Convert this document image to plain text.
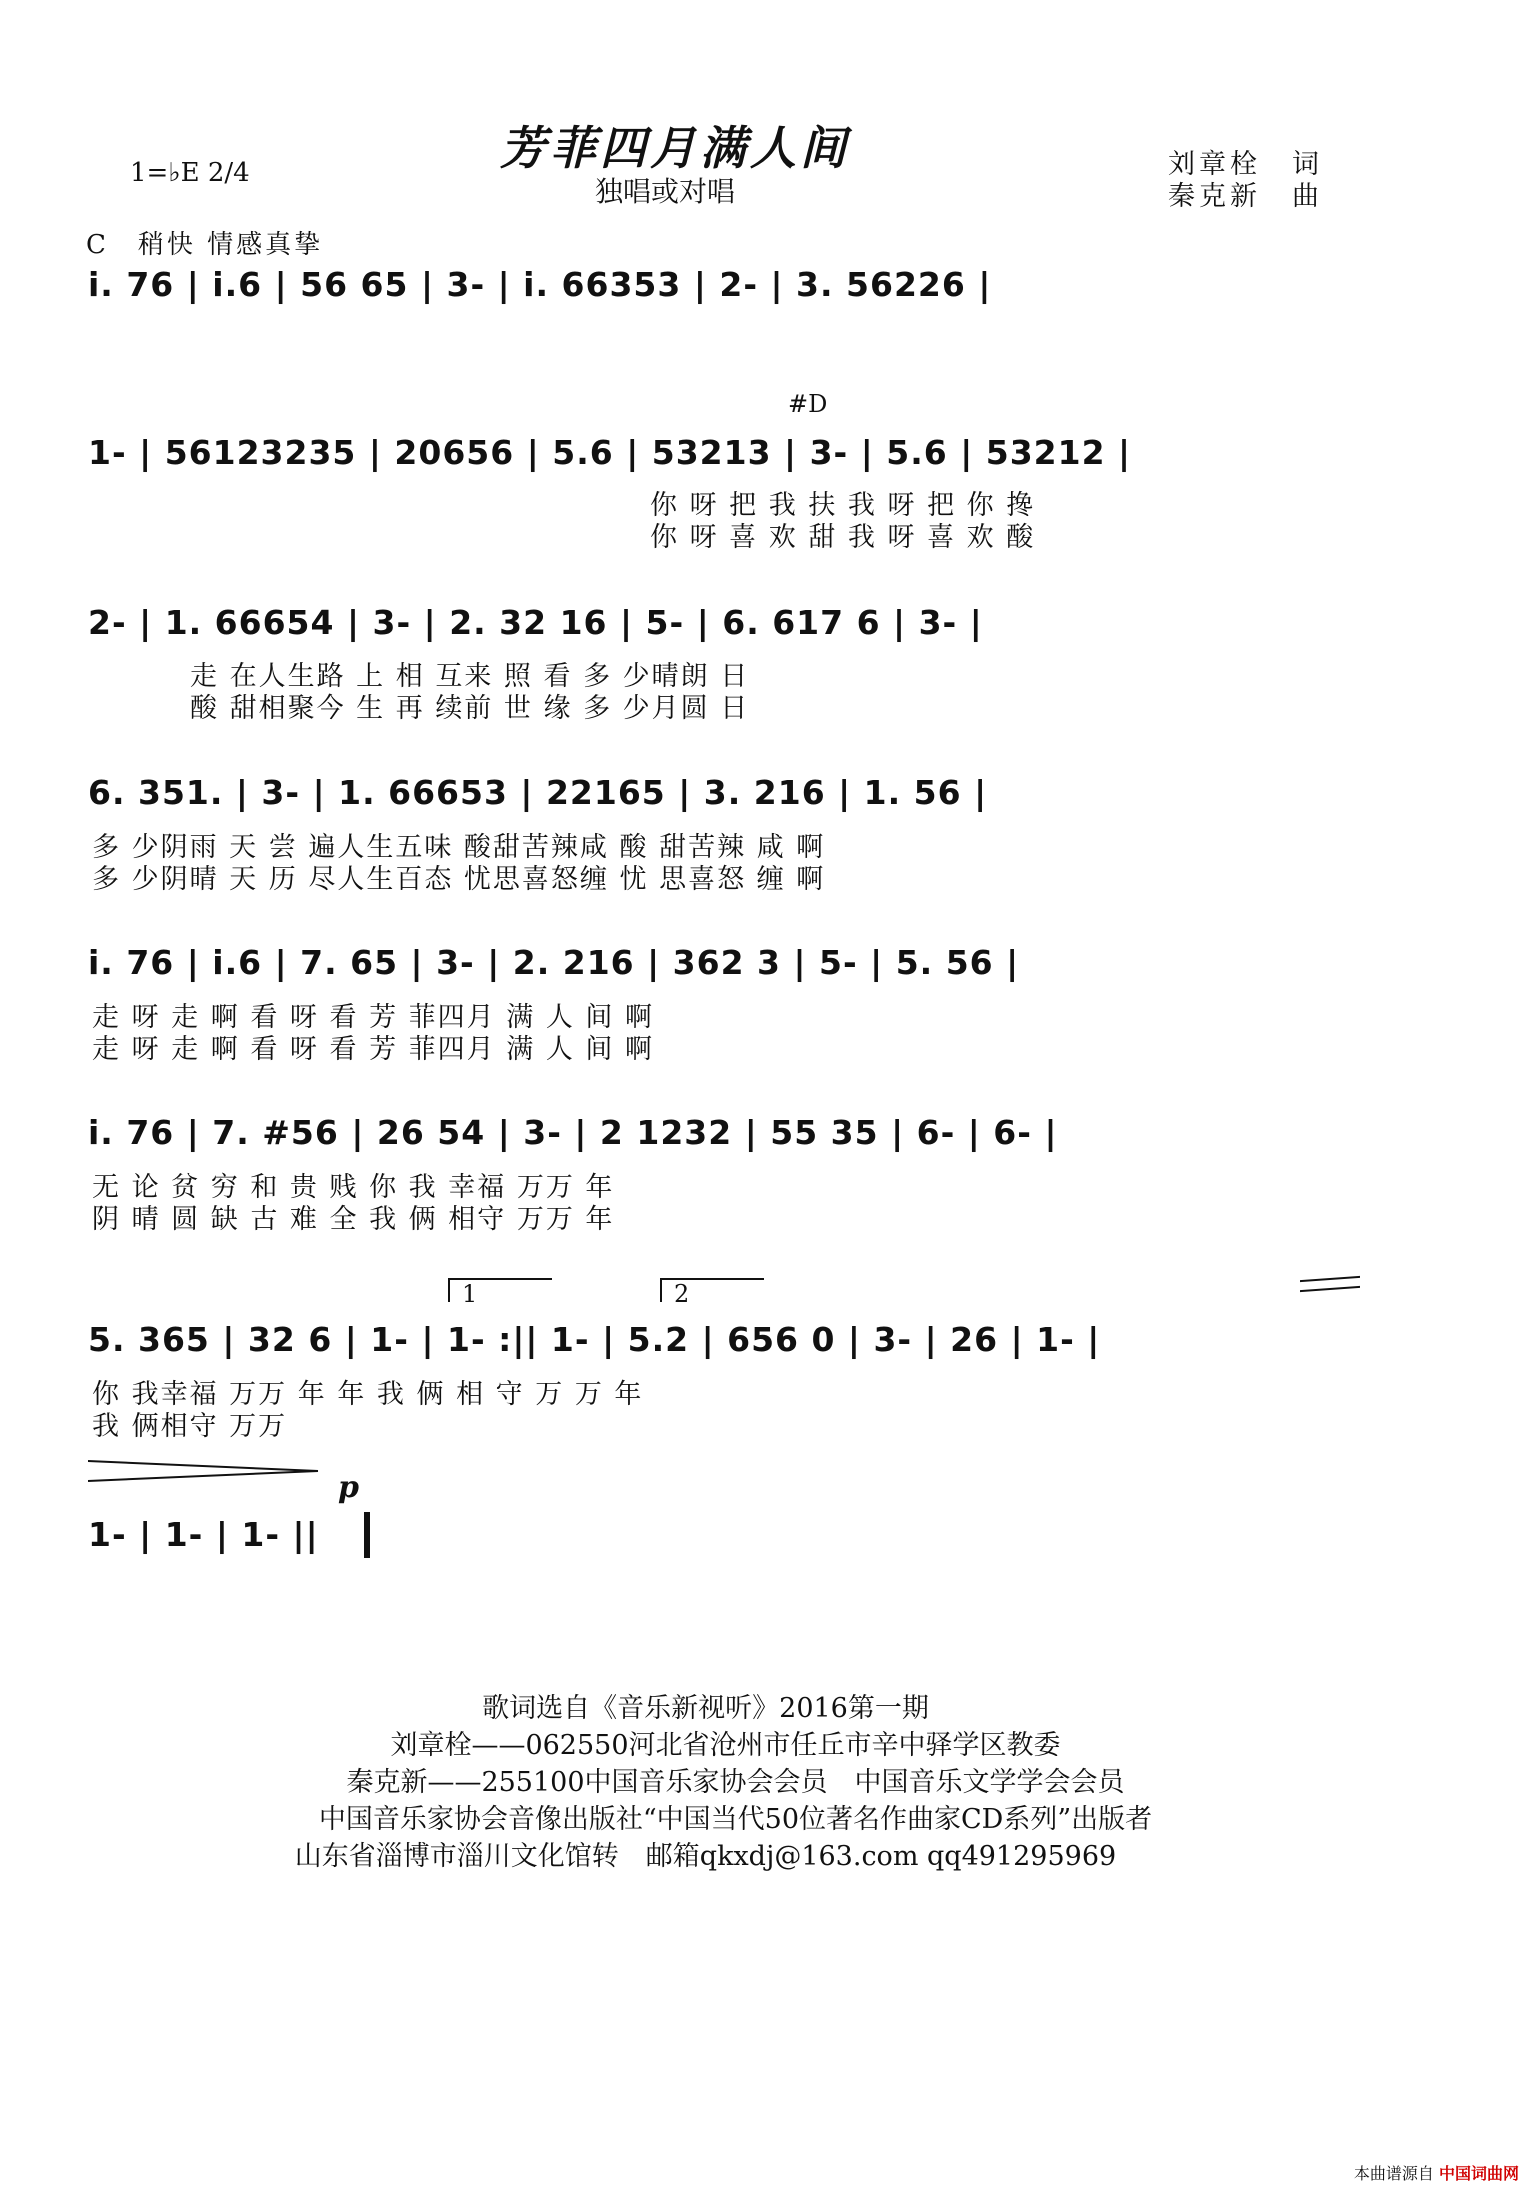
芳菲四月满人间
独唱或对唱
刘章栓　词
秦克新　曲
1=♭E 2/4
C　稍快 情感真挚
i. 76 | i.6 | 56 65 | 3- | i. 66353 | 2- | 3. 56226 |
#D
1- | 56123235 | 20656 | 5.6 | 53213 | 3- | 5.6 | 53212 |
你 呀 把 我 扶 我 呀 把 你 搀
你 呀 喜 欢 甜 我 呀 喜 欢 酸
2- | 1. 66654 | 3- | 2. 32 16 | 5- | 6. 617 6 | 3- |
走 在人生路 上 相 互来 照 看 多 少晴朗 日
酸 甜相聚今 生 再 续前 世 缘 多 少月圆 日
6. 351. | 3- | 1. 66653 | 22165 | 3. 216 | 1. 56 |
多 少阴雨 天 尝 遍人生五味 酸甜苦辣咸 酸 甜苦辣 咸 啊
多 少阴晴 天 历 尽人生百态 忧思喜怒缠 忧 思喜怒 缠 啊
i. 76 | i.6 | 7. 65 | 3- | 2. 216 | 362 3 | 5- | 5. 56 |
走 呀 走 啊 看 呀 看 芳 菲四月 满 人 间 啊
走 呀 走 啊 看 呀 看 芳 菲四月 满 人 间 啊
i. 76 | 7. #56 | 26 54 | 3- | 2 1232 | 55 35 | 6- | 6- |
无 论 贫 穷 和 贵 贱 你 我 幸福 万万 年
阴 晴 圆 缺 古 难 全 我 俩 相守 万万 年
1	2
5. 365 | 32 6 | 1- | 1- :|| 1- | 5.2 | 656 0 | 3- | 26 | 1- |
你 我幸福 万万 年 年 我 俩 相 守 万 万 年
我 俩相守 万万
p
1- | 1- | 1- ||
歌词选自《音乐新视听》2016第一期
刘章栓——062550河北省沧州市任丘市辛中驿学区教委
秦克新——255100中国音乐家协会会员　中国音乐文学学会会员
中国音乐家协会音像出版社“中国当代50位著名作曲家CD系列”出版者
山东省淄博市淄川文化馆转　邮箱qkxdj@163.com qq491295969
本曲谱源自 中国词曲网
